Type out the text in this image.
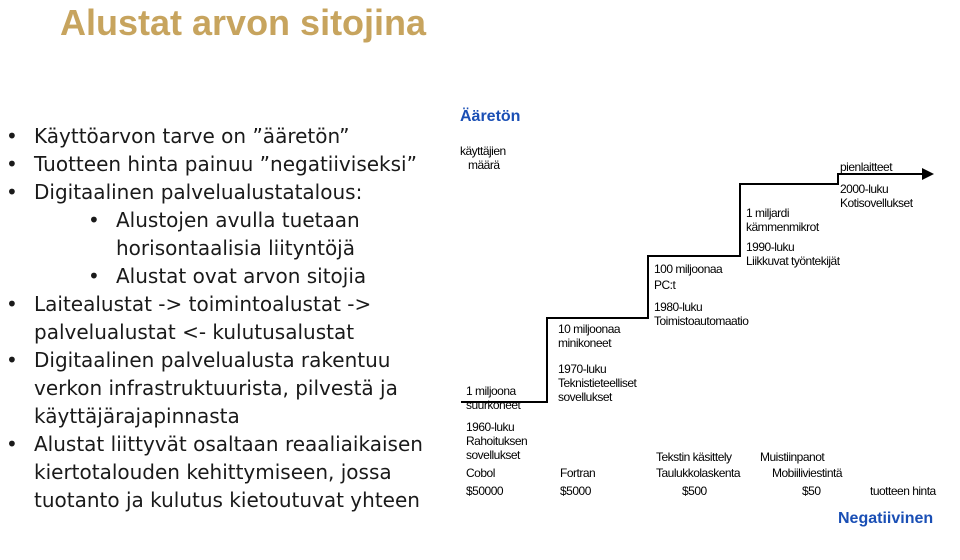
Alustat arvon sitojina
• Käyttöarvon tarve on ”ääretön”
• Tuotteen hinta painuu ”negatiiviseksi”
• Digitaalinen palvelualustatalous:
• Alustojen avulla tuetaan
horisontaalisia liityntöjä
• Alustat ovat arvon sitojia
• Laitealustat -> toimintoalustat ->
palvelualustat <- kulutusalustat
• Digitaalinen palvelualusta rakentuu
verkon infrastruktuurista, pilvestä ja
käyttäjärajapinnasta
• Alustat liittyvät osaltaan reaaliaikaisen
kiertotalouden kehittymiseen, jossa
tuotanto ja kulutus kietoutuvat yhteen
Ääretön
käyttäjien
määrä
1 miljoona
suurkoneet
1960-luku
Rahoituksen
sovellukset
Cobol
$50000
10 miljoonaa
minikoneet
1970-luku
Teknistieteelliset
sovellukset
Fortran
$5000
100 miljoonaa
PC:t
1980-luku
Toimistoautomaatio
Tekstin käsittely
Taulukkolaskenta
$500
1 miljardi
kämmenmikrot
1990-luku
Liikkuvat työntekijät
Muistiinpanot
Mobiiliviestintä
$50
pienlaitteet
2000-luku
Kotisovellukset
tuotteen hinta
Negatiivinen
